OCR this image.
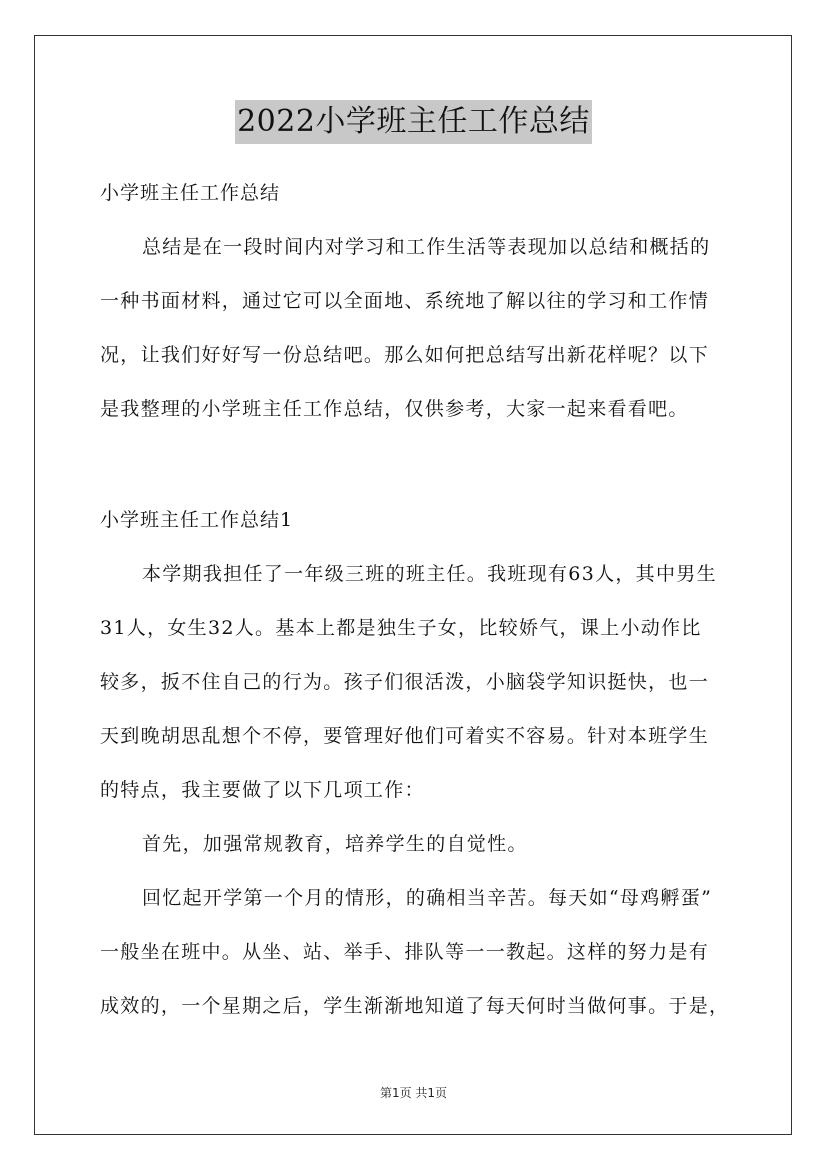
2022小学班主任工作总结
小学班主任工作总结
总结是在一段时间内对学习和工作生活等表现加以总结和概括的
一种书面材料，通过它可以全面地、系统地了解以往的学习和工作情
况，让我们好好写一份总结吧。那么如何把总结写出新花样呢？以下
是我整理的小学班主任工作总结，仅供参考，大家一起来看看吧。
小学班主任工作总结1
本学期我担任了一年级三班的班主任。我班现有63人，其中男生
31人，女生32人。基本上都是独生子女，比较娇气，课上小动作比
较多，扳不住自己的行为。孩子们很活泼，小脑袋学知识挺快，也一
天到晚胡思乱想个不停，要管理好他们可着实不容易。针对本班学生
的特点，我主要做了以下几项工作：
首先，加强常规教育，培养学生的自觉性。
回忆起开学第一个月的情形，的确相当辛苦。每天如“母鸡孵蛋”
一般坐在班中。从坐、站、举手、排队等一一教起。这样的努力是有
成效的，一个星期之后，学生渐渐地知道了每天何时当做何事。于是，
第1页 共1页
